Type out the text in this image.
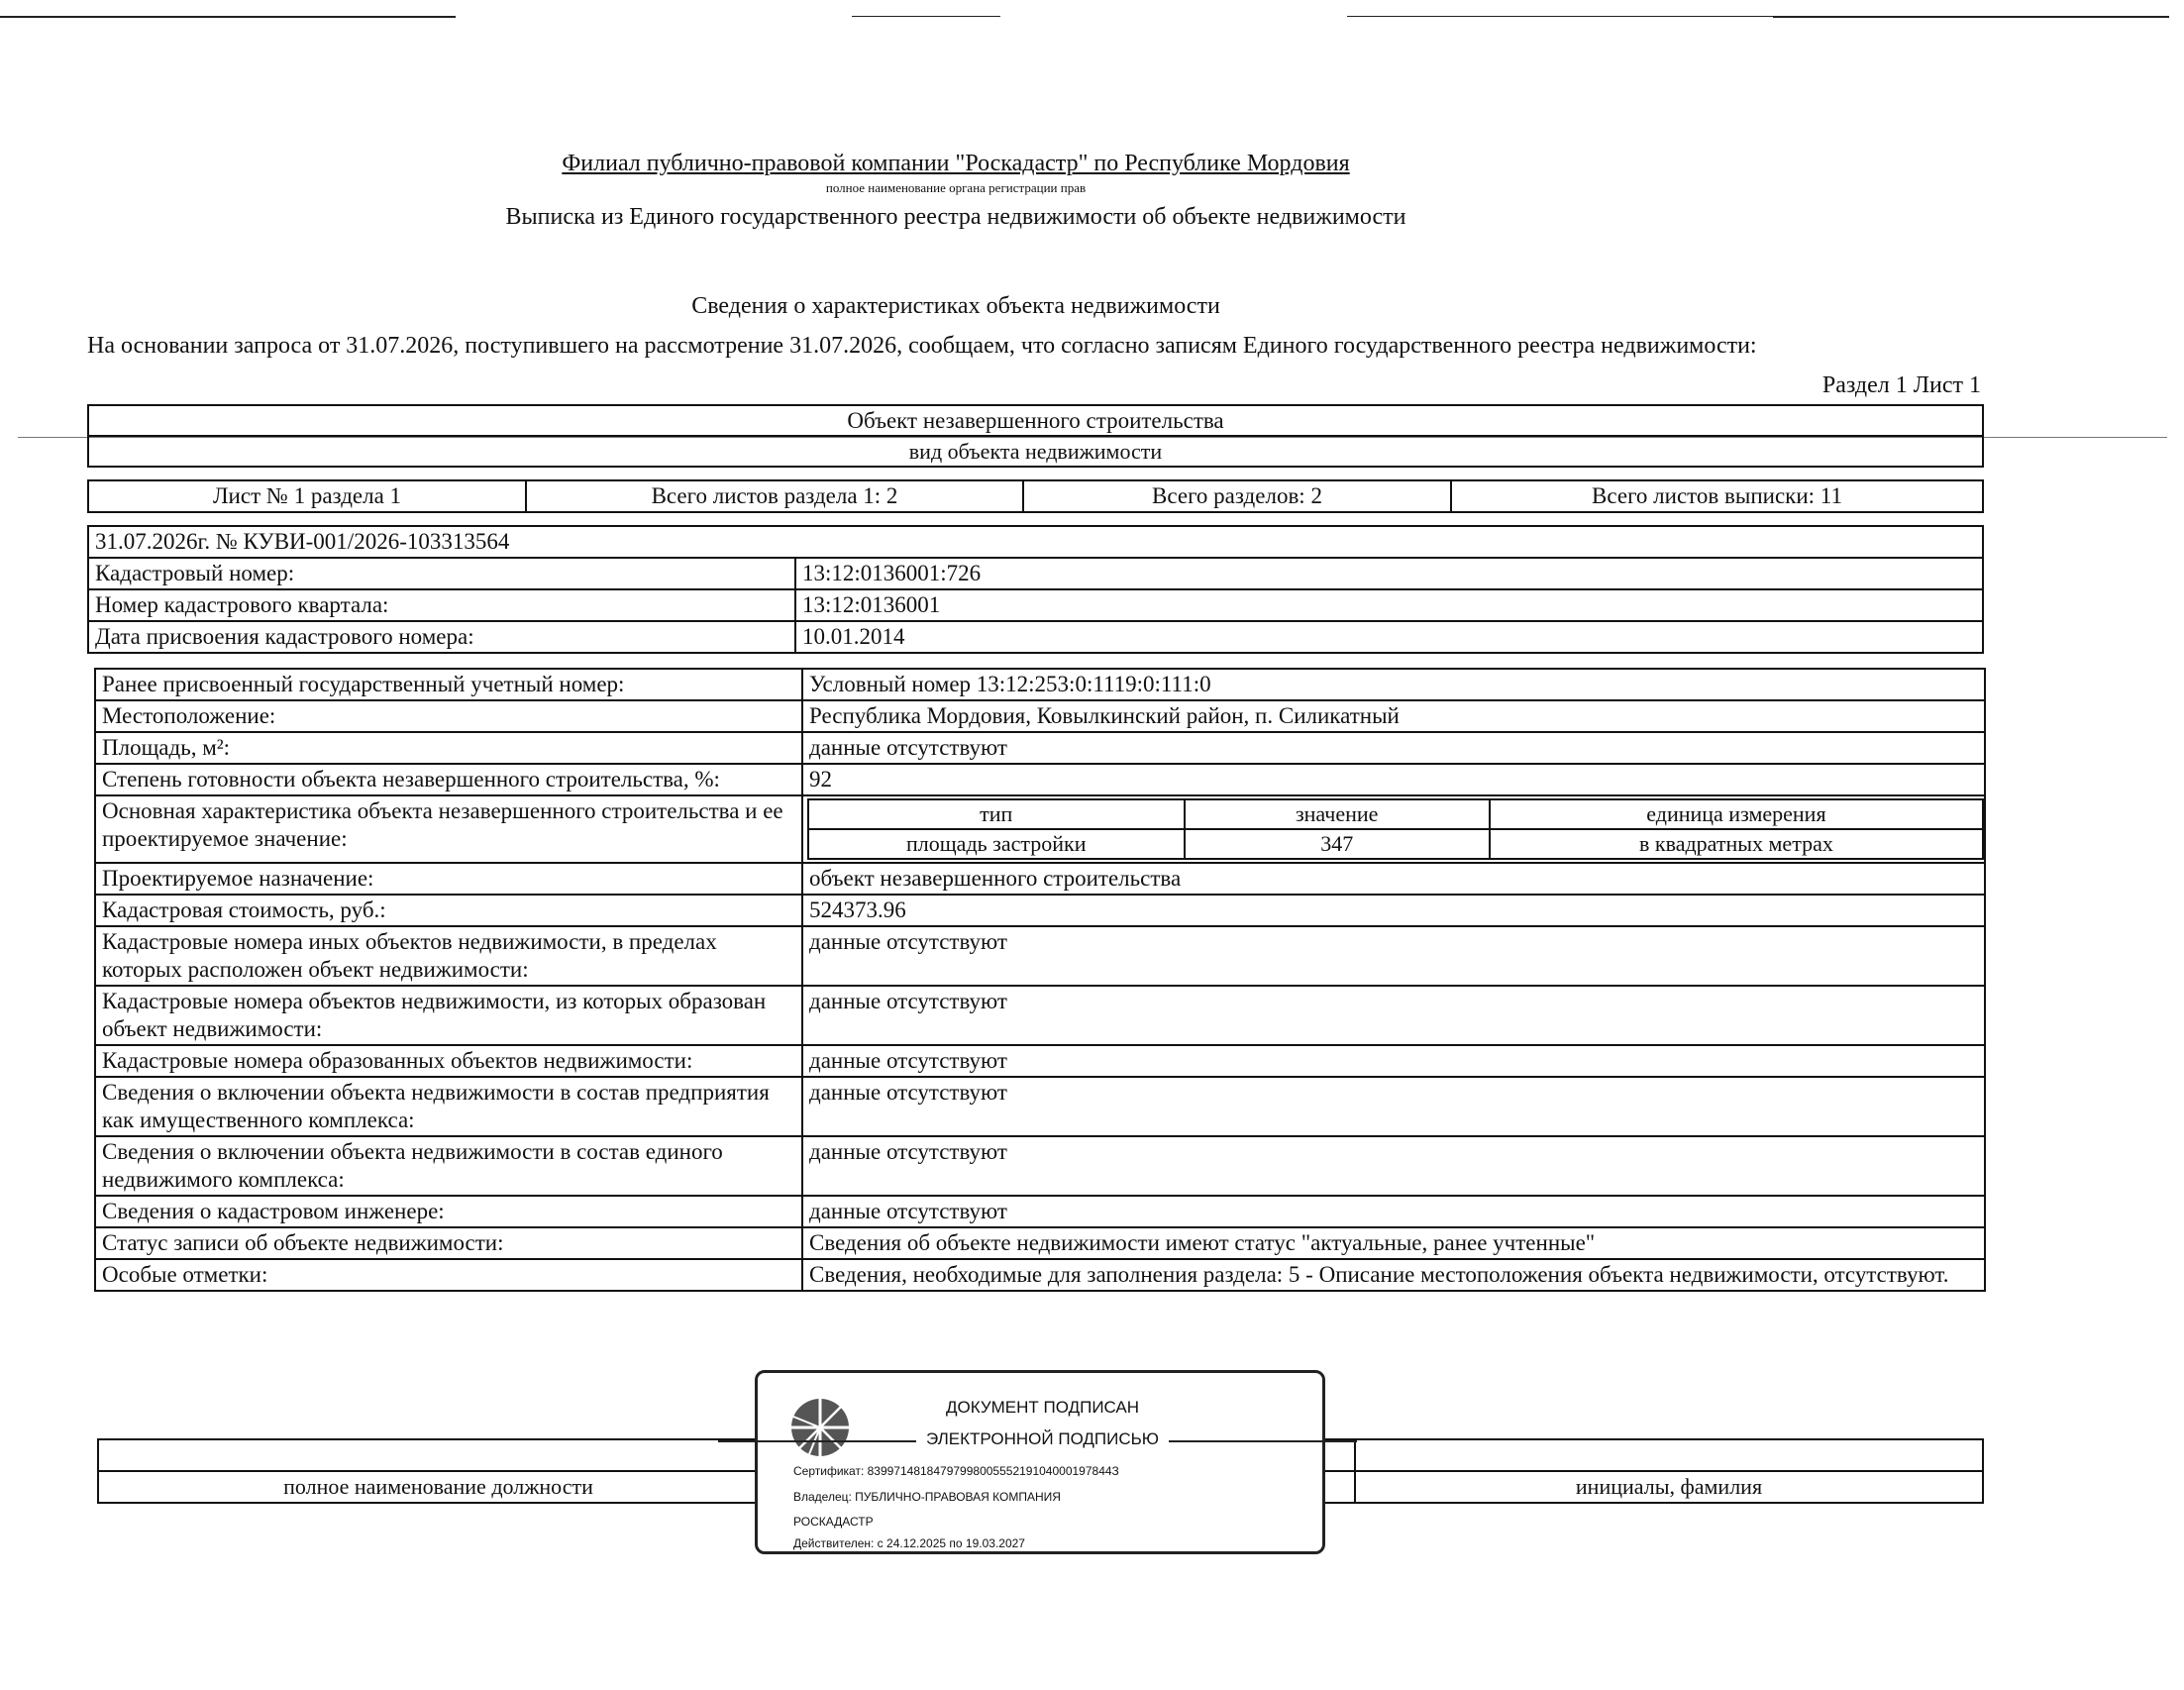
Филиал публично-правовой компании "Роскадастр" по Республике Мордовия
полное наименование органа регистрации прав
Выписка из Единого государственного реестра недвижимости об объекте недвижимости
Сведения о характеристиках объекта недвижимости
На основании запроса от 31.07.2026, поступившего на рассмотрение 31.07.2026, сообщаем, что согласно записям Единого государственного реестра недвижимости:
Раздел 1 Лист 1
Объект незавершенного строительства
вид объекта недвижимости
Лист № 1 раздела 1	Всего листов раздела 1: 2	Всего разделов: 2	Всего листов выписки: 11
31.07.2026г. № КУВИ-001/2026-103313564	
Кадастровый номер:	13:12:0136001:726
Номер кадастрового квартала:	13:12:0136001
Дата присвоения кадастрового номера:	10.01.2014
Ранее присвоенный государственный учетный номер:	Условный номер 13:12:253:0:1119:0:111:0
Местоположение:	Республика Мордовия, Ковылкинский район, п. Силикатный
Площадь, м²:	данные отсутствуют
Степень готовности объекта незавершенного строительства, %:	92
Основная характеристика объекта незавершенного строительства и ее проектируемое значение:	
тип	значение	единица измерения
площадь застройки	347	в квадратных метрах

Проектируемое назначение:	объект незавершенного строительства
Кадастровая стоимость, руб.:	524373.96
Кадастровые номера иных объектов недвижимости, в пределах которых расположен объект недвижимости:	данные отсутствуют
Кадастровые номера объектов недвижимости, из которых образован объект недвижимости:	данные отсутствуют
Кадастровые номера образованных объектов недвижимости:	данные отсутствуют
Сведения о включении объекта недвижимости в состав предприятия как имущественного комплекса:	данные отсутствуют
Сведения о включении объекта недвижимости в состав единого недвижимого комплекса:	данные отсутствуют
Сведения о кадастровом инженере:	данные отсутствуют
Статус записи об объекте недвижимости:	Сведения об объекте недвижимости имеют статус "актуальные, ранее учтенные"
Особые отметки:	Сведения, необходимые для заполнения раздела: 5 - Описание местоположения объекта недвижимости, отсутствуют.

полное наименование должности		инициалы, фамилия
ДОКУМЕНТ ПОДПИСАН
ЭЛЕКТРОННОЙ ПОДПИСЬЮ
Сертификат: 8399714818479799800555219104000197844З
Владелец: ПУБЛИЧНО-ПРАВОВАЯ КОМПАНИЯ
РОСКАДАСТР
Действителен: с 24.12.2025 по 19.03.2027
